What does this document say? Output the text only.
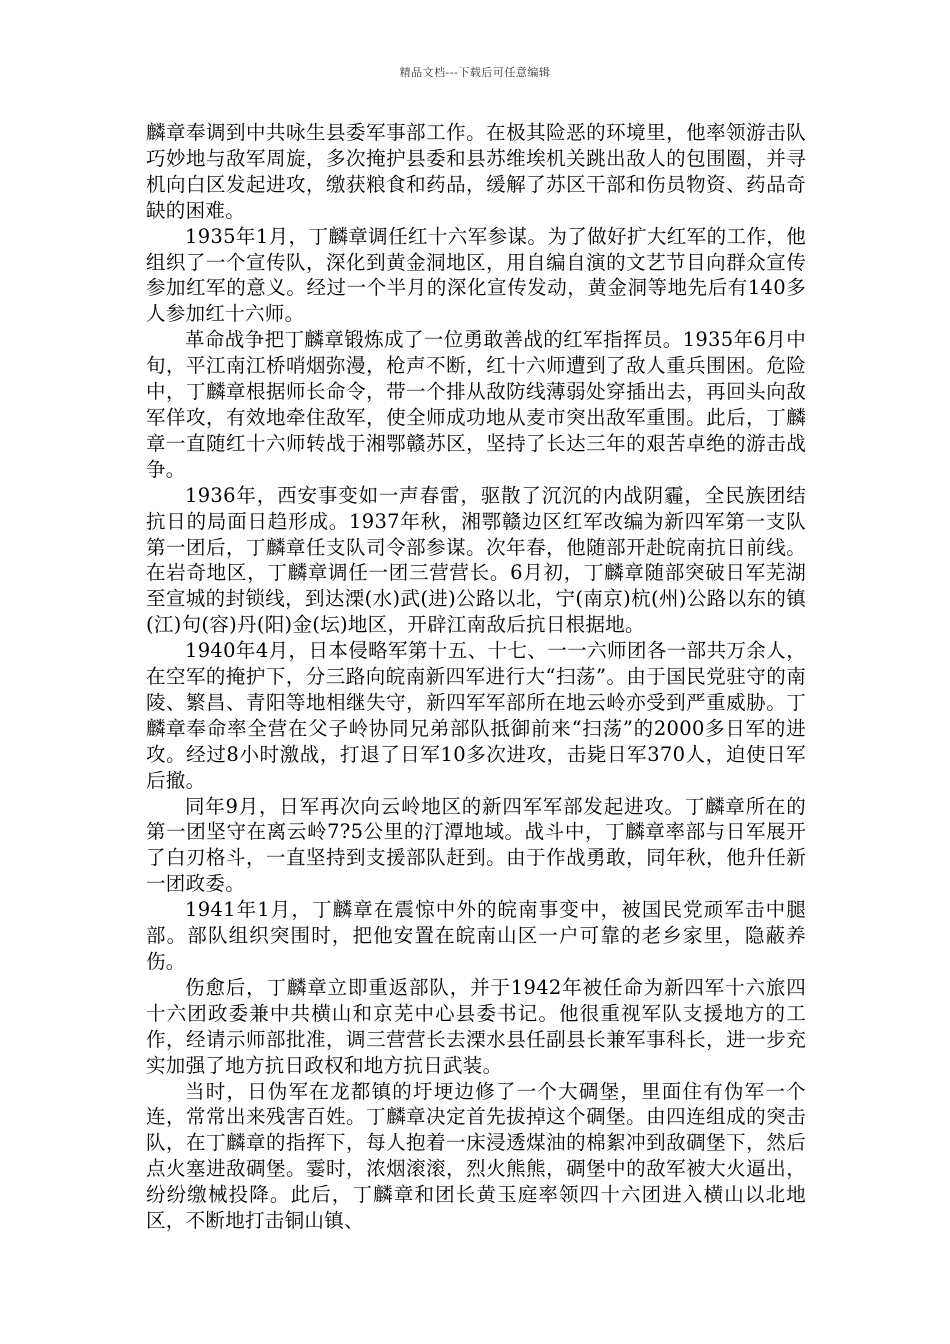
精品文档---下载后可任意编辑

麟章奉调到中共咏生县委军事部工作。在极其险恶的环境里，他率领游击队巧妙地与敌军周旋，多次掩护县委和县苏维埃机关跳出敌人的包围圈，并寻机向白区发起进攻，缴获粮食和药品，缓解了苏区干部和伤员物资、药品奇缺的困难。

1935年1月，丁麟章调任红十六军参谋。为了做好扩大红军的工作，他组织了一个宣传队，深化到黄金洞地区，用自编自演的文艺节目向群众宣传参加红军的意义。经过一个半月的深化宣传发动，黄金洞等地先后有140多人参加红十六师。

革命战争把丁麟章锻炼成了一位勇敢善战的红军指挥员。1935年6月中旬，平江南江桥哨烟弥漫，枪声不断，红十六师遭到了敌人重兵围困。危险中，丁麟章根据师长命令，带一个排从敌防线薄弱处穿插出去，再回头向敌军佯攻，有效地牵住敌军，使全师成功地从麦市突出敌军重围。此后，丁麟章一直随红十六师转战于湘鄂赣苏区，坚持了长达三年的艰苦卓绝的游击战争。

1936年，西安事变如一声春雷，驱散了沉沉的内战阴霾，全民族团结抗日的局面日趋形成。1937年秋，湘鄂赣边区红军改编为新四军第一支队第一团后，丁麟章任支队司令部参谋。次年春，他随部开赴皖南抗日前线。在岩奇地区，丁麟章调任一团三营营长。6月初，丁麟章随部突破日军芜湖至宣城的封锁线，到达溧(水)武(进)公路以北，宁(南京)杭(州)公路以东的镇(江)句(容)丹(阳)金(坛)地区，开辟江南敌后抗日根据地。

1940年4月，日本侵略军第十五、十七、一一六师团各一部共万余人，在空军的掩护下，分三路向皖南新四军进行大“扫荡”。由于国民党驻守的南陵、繁昌、青阳等地相继失守，新四军军部所在地云岭亦受到严重威胁。丁麟章奉命率全营在父子岭协同兄弟部队抵御前来“扫荡”的2000多日军的进攻。经过8小时激战，打退了日军10多次进攻，击毙日军370人，迫使日军后撤。

同年9月，日军再次向云岭地区的新四军军部发起进攻。丁麟章所在的第一团坚守在离云岭7?5公里的汀潭地域。战斗中，丁麟章率部与日军展开了白刃格斗，一直坚持到支援部队赶到。由于作战勇敢，同年秋，他升任新一团政委。

1941年1月，丁麟章在震惊中外的皖南事变中，被国民党顽军击中腿部。部队组织突围时，把他安置在皖南山区一户可靠的老乡家里，隐蔽养伤。

伤愈后，丁麟章立即重返部队，并于1942年被任命为新四军十六旅四十六团政委兼中共横山和京芜中心县委书记。他很重视军队支援地方的工作，经请示师部批准，调三营营长去溧水县任副县长兼军事科长，进一步充实加强了地方抗日政权和地方抗日武装。

当时，日伪军在龙都镇的圩埂边修了一个大碉堡，里面住有伪军一个连，常常出来残害百姓。丁麟章决定首先拔掉这个碉堡。由四连组成的突击队，在丁麟章的指挥下，每人抱着一床浸透煤油的棉絮冲到敌碉堡下，然后点火塞进敌碉堡。霎时，浓烟滚滚，烈火熊熊，碉堡中的敌军被大火逼出，纷纷缴械投降。此后，丁麟章和团长黄玉庭率领四十六团进入横山以北地区，不断地打击铜山镇、
